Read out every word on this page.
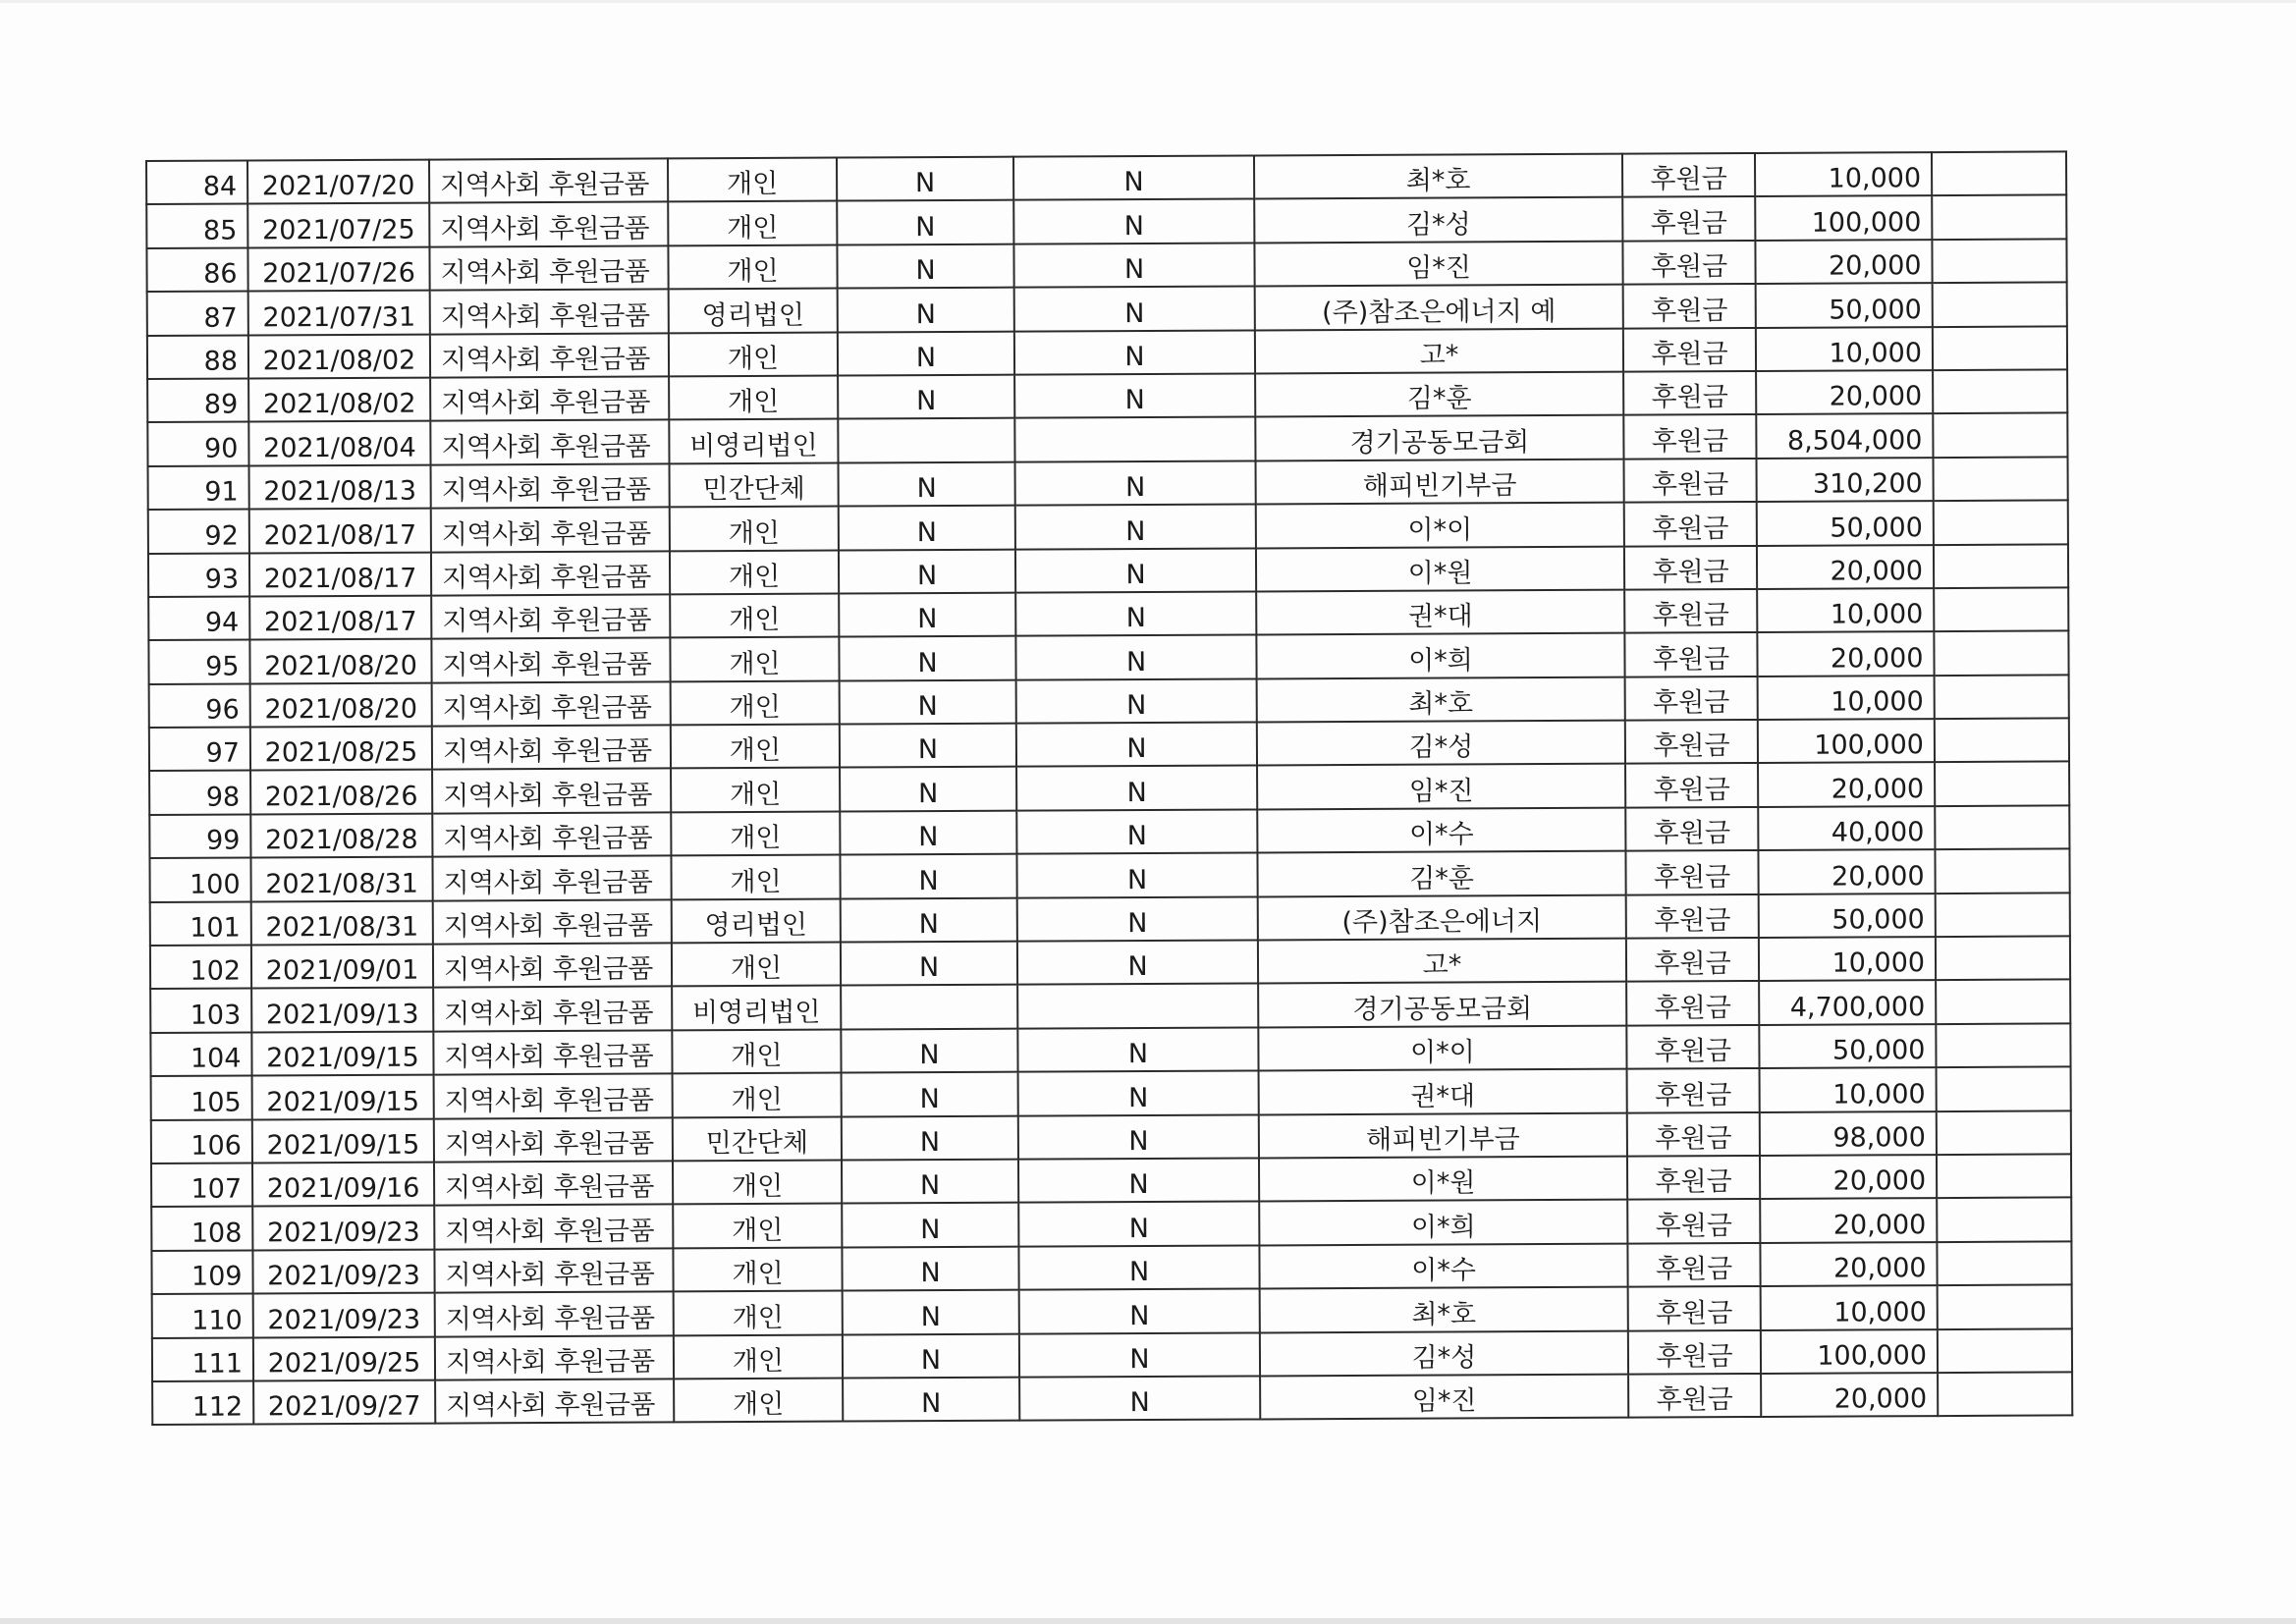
84	2021/07/20	지역사회 후원금품	개인	N	N	최*호	후원금	10,000	
85	2021/07/25	지역사회 후원금품	개인	N	N	김*성	후원금	100,000	
86	2021/07/26	지역사회 후원금품	개인	N	N	임*진	후원금	20,000	
87	2021/07/31	지역사회 후원금품	영리법인	N	N	(주)참조은에너지 예	후원금	50,000	
88	2021/08/02	지역사회 후원금품	개인	N	N	고*	후원금	10,000	
89	2021/08/02	지역사회 후원금품	개인	N	N	김*훈	후원금	20,000	
90	2021/08/04	지역사회 후원금품	비영리법인			경기공동모금회	후원금	8,504,000	
91	2021/08/13	지역사회 후원금품	민간단체	N	N	해피빈기부금	후원금	310,200	
92	2021/08/17	지역사회 후원금품	개인	N	N	이*이	후원금	50,000	
93	2021/08/17	지역사회 후원금품	개인	N	N	이*원	후원금	20,000	
94	2021/08/17	지역사회 후원금품	개인	N	N	권*대	후원금	10,000	
95	2021/08/20	지역사회 후원금품	개인	N	N	이*희	후원금	20,000	
96	2021/08/20	지역사회 후원금품	개인	N	N	최*호	후원금	10,000	
97	2021/08/25	지역사회 후원금품	개인	N	N	김*성	후원금	100,000	
98	2021/08/26	지역사회 후원금품	개인	N	N	임*진	후원금	20,000	
99	2021/08/28	지역사회 후원금품	개인	N	N	이*수	후원금	40,000	
100	2021/08/31	지역사회 후원금품	개인	N	N	김*훈	후원금	20,000	
101	2021/08/31	지역사회 후원금품	영리법인	N	N	(주)참조은에너지	후원금	50,000	
102	2021/09/01	지역사회 후원금품	개인	N	N	고*	후원금	10,000	
103	2021/09/13	지역사회 후원금품	비영리법인			경기공동모금회	후원금	4,700,000	
104	2021/09/15	지역사회 후원금품	개인	N	N	이*이	후원금	50,000	
105	2021/09/15	지역사회 후원금품	개인	N	N	권*대	후원금	10,000	
106	2021/09/15	지역사회 후원금품	민간단체	N	N	해피빈기부금	후원금	98,000	
107	2021/09/16	지역사회 후원금품	개인	N	N	이*원	후원금	20,000	
108	2021/09/23	지역사회 후원금품	개인	N	N	이*희	후원금	20,000	
109	2021/09/23	지역사회 후원금품	개인	N	N	이*수	후원금	20,000	
110	2021/09/23	지역사회 후원금품	개인	N	N	최*호	후원금	10,000	
111	2021/09/25	지역사회 후원금품	개인	N	N	김*성	후원금	100,000	
112	2021/09/27	지역사회 후원금품	개인	N	N	임*진	후원금	20,000	
